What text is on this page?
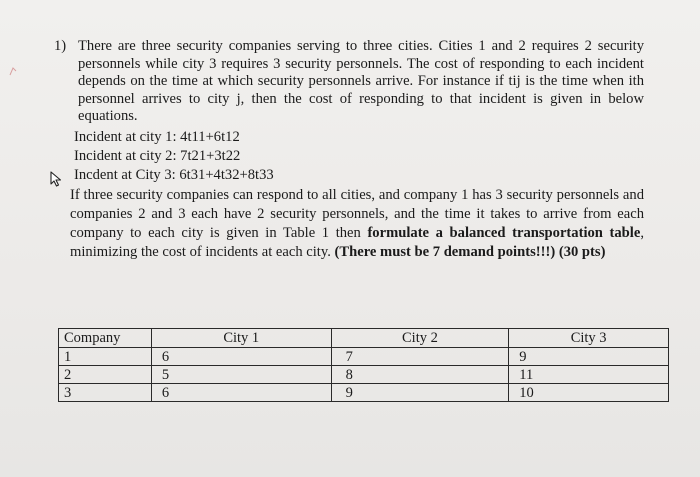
1) There are three security companies serving to three cities. Cities 1 and 2 requires 2 security personnels while city 3 requires 3 security personnels. The cost of responding to each incident depends on the time at which security personnels arrive. For instance if tij is the time when ith personnel arrives to city j, then the cost of responding to that incident is given in below equations.
Incident at city 1: 4t11+6t12
Incident at city 2: 7t21+3t22
Incdent at City 3: 6t31+4t32+8t33
If three security companies can respond to all cities, and company 1 has 3 security personnels and companies 2 and 3 each have 2 security personnels, and the time it takes to arrive from each company to each city is given in Table 1 then formulate a balanced transportation table, minimizing the cost of incidents at each city. (There must be 7 demand points!!!) (30 pts)
Company	City 1	City 2	City 3
1	6	7	9
2	5	8	11
3	6	9	10
